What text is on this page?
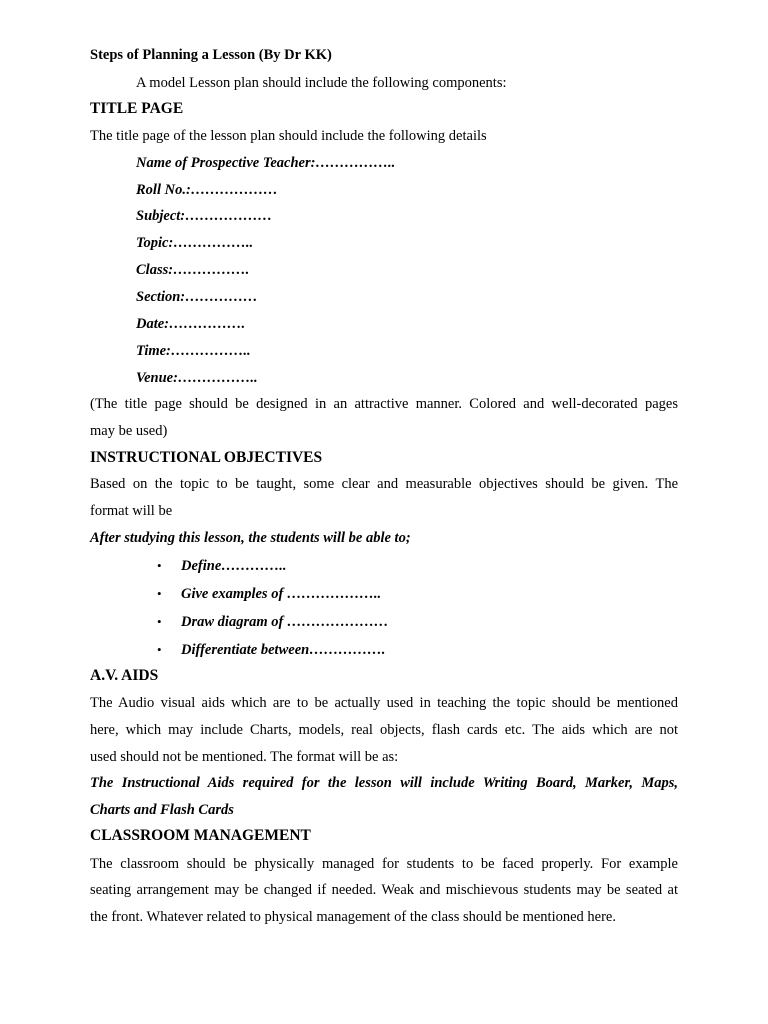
Steps of Planning a Lesson (By Dr KK)
A model Lesson plan should include the following components:
TITLE PAGE
The title page of the lesson plan should include the following details
Name of Prospective Teacher:……………..
Roll No.:………………
Subject:………………
Topic:……………..
Class:…………….
Section:……………
Date:…………….
Time:……………..
Venue:……………..
(The title page should be designed in an attractive manner. Colored and well-decorated pages
may be used)
INSTRUCTIONAL OBJECTIVES
Based on the topic to be taught, some clear and measurable objectives should be given. The
format will be
After studying this lesson, the students will be able to;
• Define…………..
• Give examples of ………………..
• Draw diagram of …………………
• Differentiate between…………….
A.V. AIDS
The Audio visual aids which are to be actually used in teaching the topic should be mentioned
here, which may include Charts, models, real objects, flash cards etc. The aids which are not
used should not be mentioned. The format will be as:
The Instructional Aids required for the lesson will include Writing Board, Marker, Maps,
Charts and Flash Cards
CLASSROOM MANAGEMENT
The classroom should be physically managed for students to be faced properly. For example
seating arrangement may be changed if needed. Weak and mischievous students may be seated at
the front. Whatever related to physical management of the class should be mentioned here.
